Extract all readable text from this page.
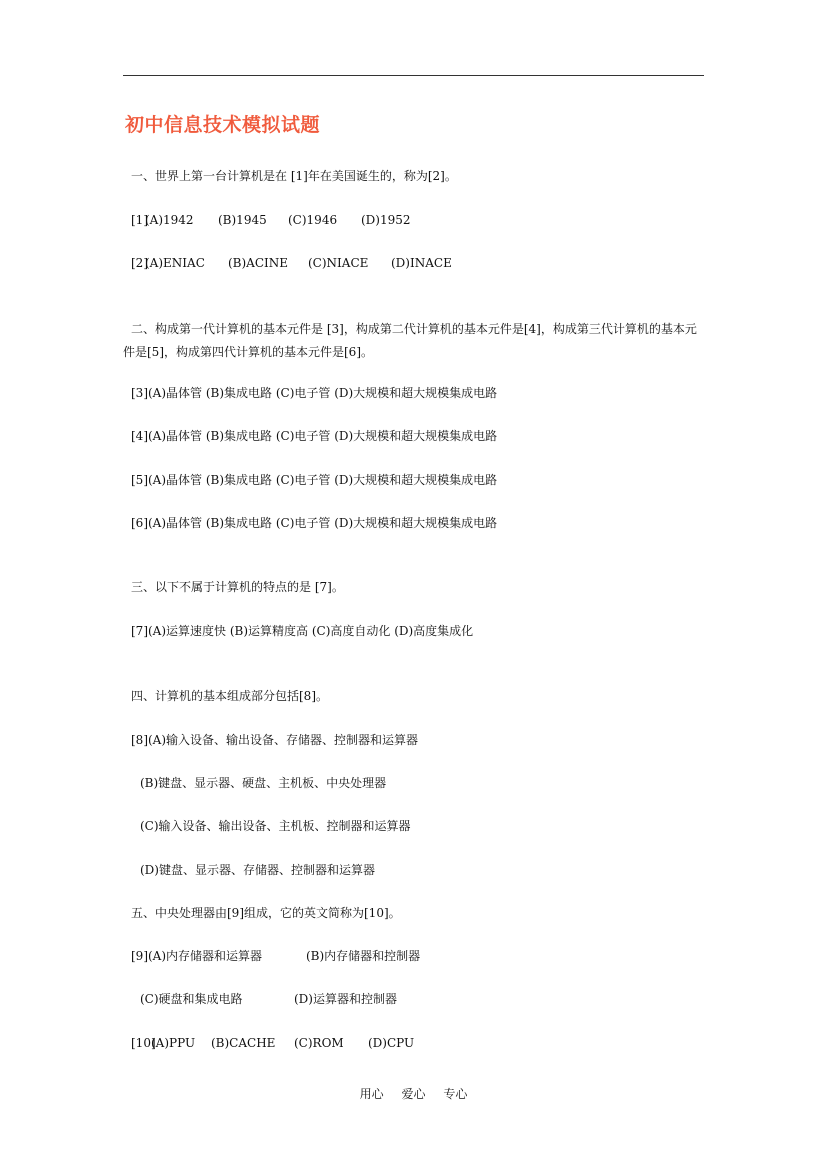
初中信息技术模拟试题
一、世界上第一台计算机是在 [1]年在美国诞生的，称为[2]。
[1]
(A)1942 (B)1945 (C)1946 (D)1952
[2]
(A)ENIAC (B)ACINE (C)NIACE (D)INACE
二、构成第一代计算机的基本元件是 [3]，构成第二代计算机的基本元件是[4]，构成第三代计算机的基本元件是[5]，构成第四代计算机的基本元件是[6]。
[3](A)晶体管 (B)集成电路 (C)电子管 (D)大规模和超大规模集成电路
[4](A)晶体管 (B)集成电路 (C)电子管 (D)大规模和超大规模集成电路
[5](A)晶体管 (B)集成电路 (C)电子管 (D)大规模和超大规模集成电路
[6](A)晶体管 (B)集成电路 (C)电子管 (D)大规模和超大规模集成电路
三、以下不属于计算机的特点的是 [7]。
[7](A)运算速度快 (B)运算精度高 (C)高度自动化 (D)高度集成化
四、计算机的基本组成部分包括[8]。
[8](A)输入设备、输出设备、存储器、控制器和运算器
(B)键盘、显示器、硬盘、主机板、中央处理器
(C)输入设备、输出设备、主机板、控制器和运算器
(D)键盘、显示器、存储器、控制器和运算器
五、中央处理器由[9]组成，它的英文简称为[10]。
[9](A)内存储器和运算器	(B)内存储器和控制器
(C)硬盘和集成电路	(D)运算器和控制器
[10]
(A)PPU (B)CACHE (C)ROM (D)CPU
用心 爱心 专心
